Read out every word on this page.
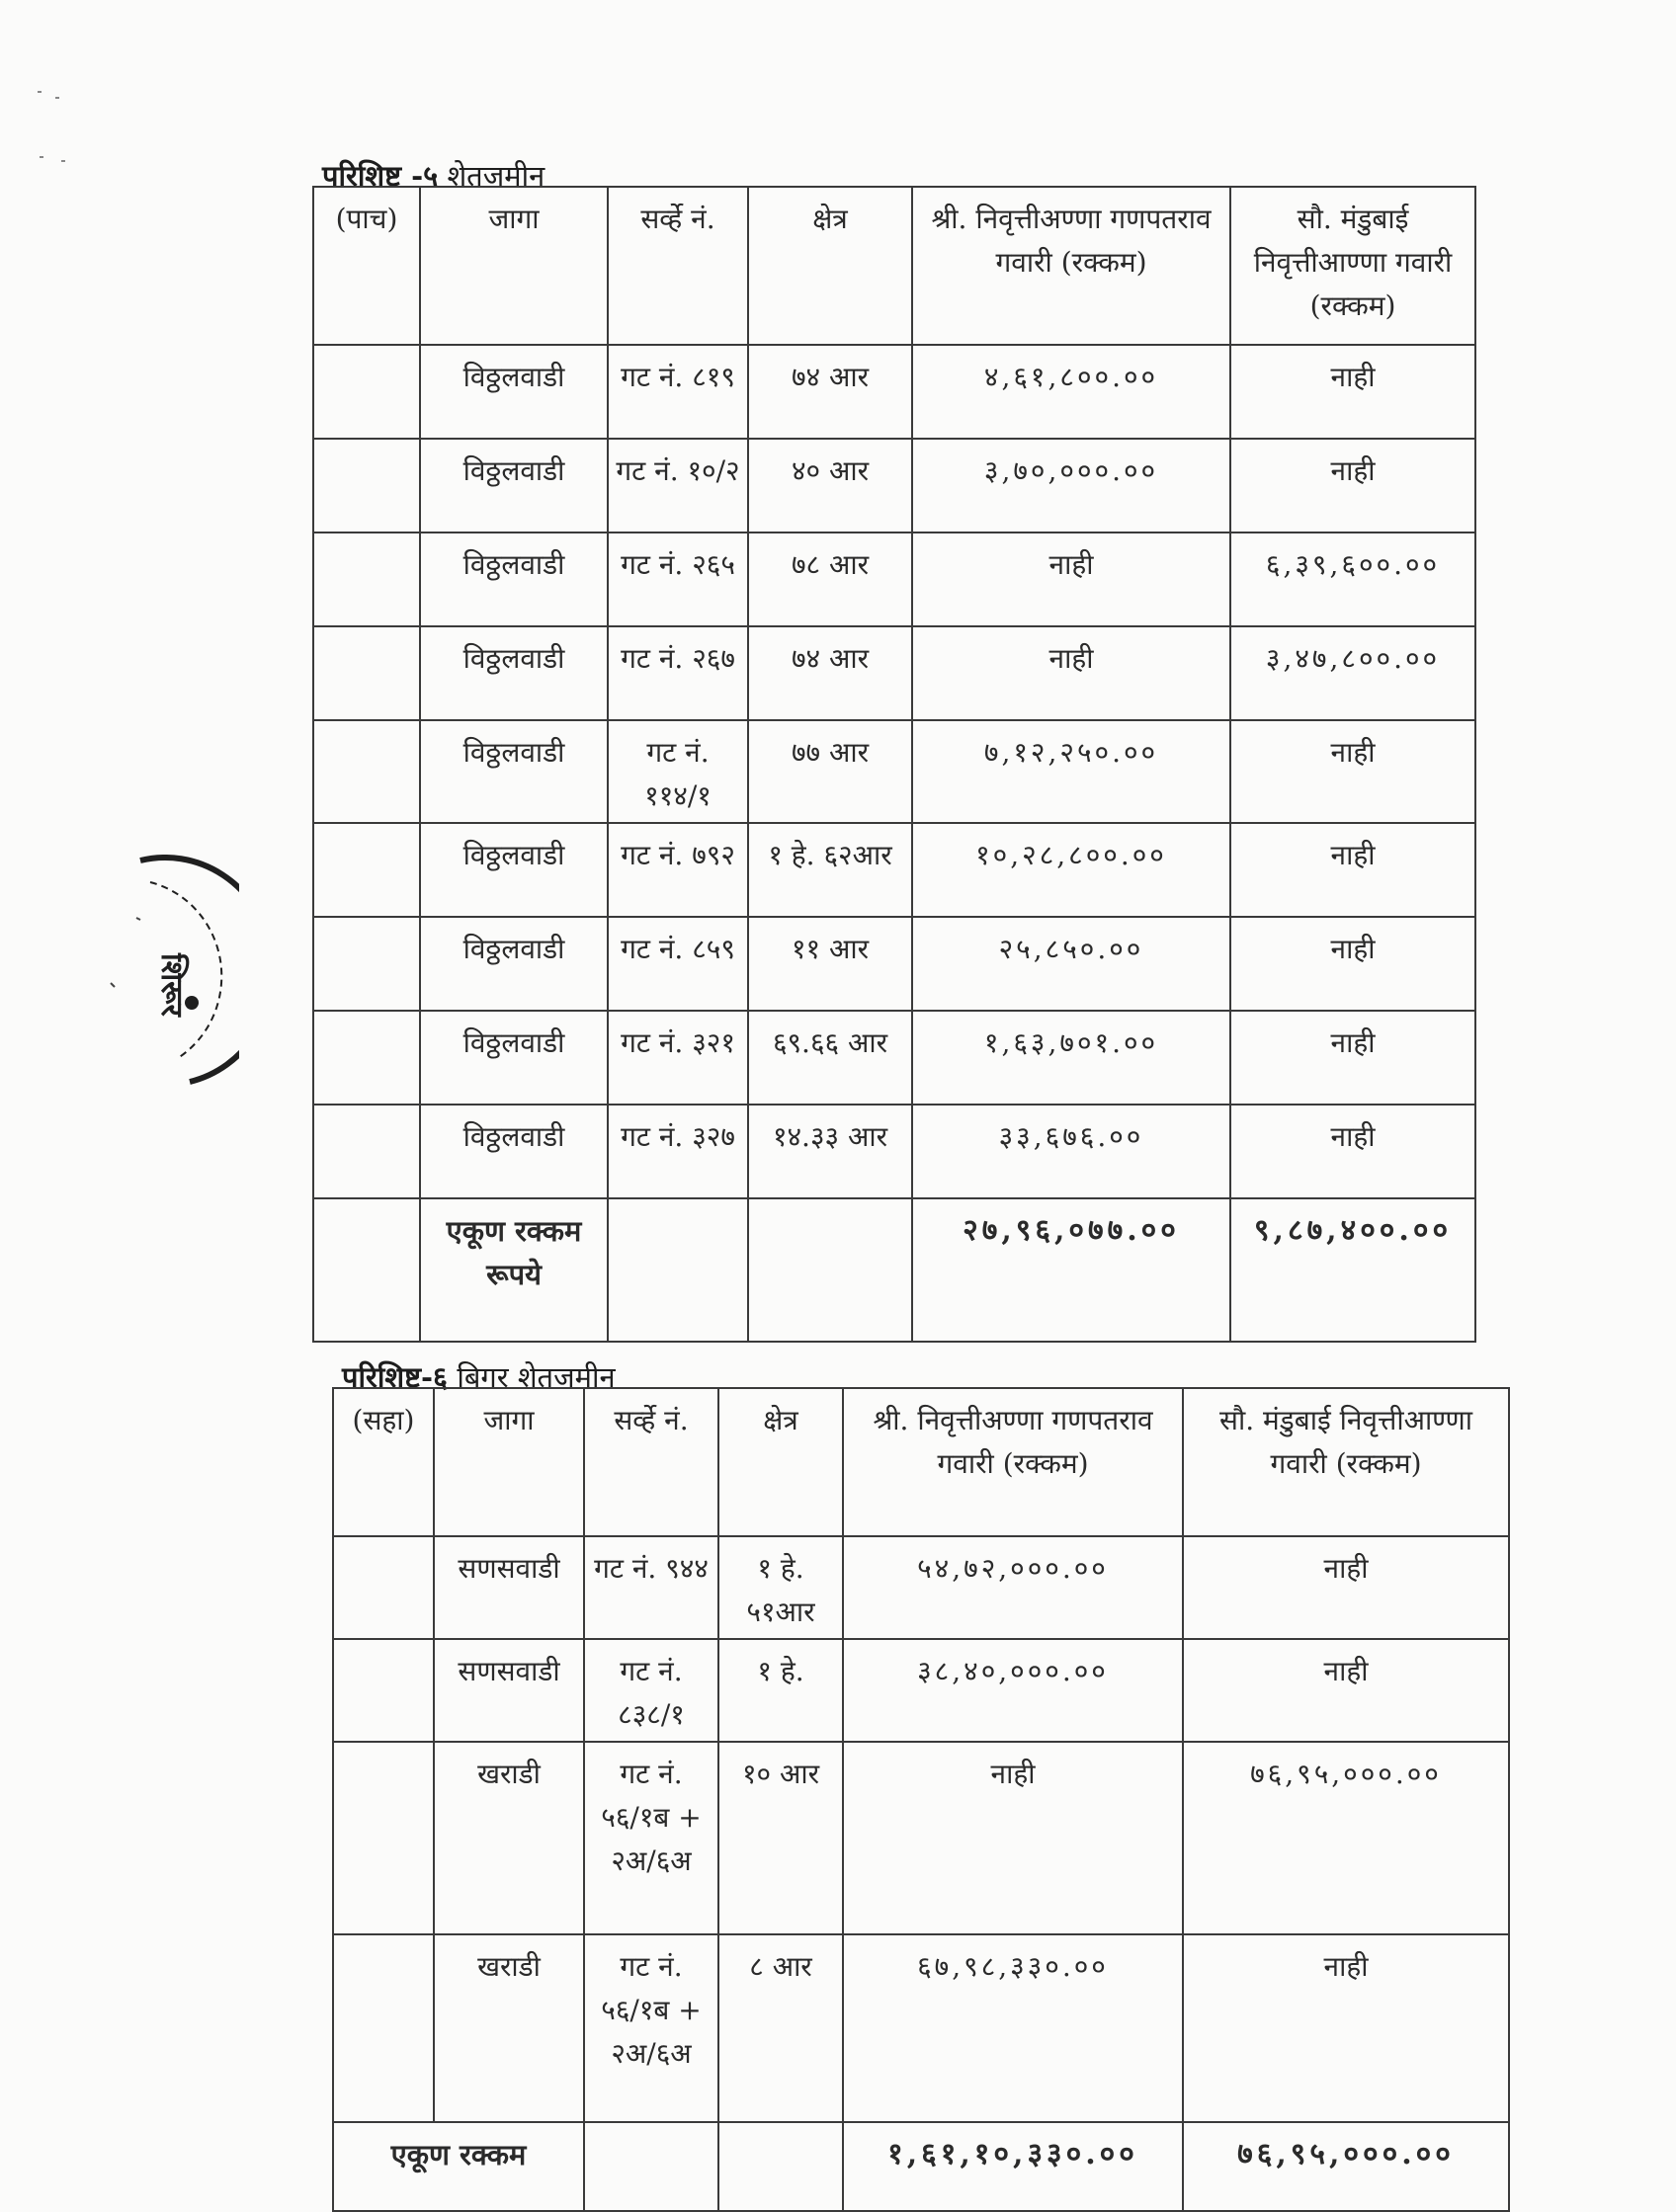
परिशिष्ट -५ शेतजमीन
(पाच)	जागा	सर्व्हे नं.	क्षेत्र	श्री. निवृत्तीअण्णा गणपतराव गवारी (रक्कम)	सौ. मंडुबाई निवृत्तीआण्णा गवारी (रक्कम)
	विठ्ठलवाडी	गट नं. ८१९	७४ आर	४,६१,८००.००	नाही
	विठ्ठलवाडी	गट नं. १०/२	४० आर	३,७०,०००.००	नाही
	विठ्ठलवाडी	गट नं. २६५	७८ आर	नाही	६,३९,६००.००
	विठ्ठलवाडी	गट नं. २६७	७४ आर	नाही	३,४७,८००.००
	विठ्ठलवाडी	गट नं. ११४/१	७७ आर	७,१२,२५०.००	नाही
	विठ्ठलवाडी	गट नं. ७९२	१ हे. ६२आर	१०,२८,८००.००	नाही
	विठ्ठलवाडी	गट नं. ८५९	११ आर	२५,८५०.००	नाही
	विठ्ठलवाडी	गट नं. ३२१	६९.६६ आर	१,६३,७०१.००	नाही
	विठ्ठलवाडी	गट नं. ३२७	१४.३३ आर	३३,६७६.००	नाही
	एकूण रक्कम रूपये			२७,९६,०७७.००	९,८७,४००.००
परिशिष्ट-६ बिगर शेतजमीन
(सहा)	जागा	सर्व्हे नं.	क्षेत्र	श्री. निवृत्तीअण्णा गणपतराव गवारी (रक्कम)	सौ. मंडुबाई निवृत्तीआण्णा गवारी (रक्कम)
	सणसवाडी	गट नं. ९४४	१ हे. ५१आर	५४,७२,०००.००	नाही
	सणसवाडी	गट नं. ८३८/१	१ हे.	३८,४०,०००.००	नाही
	खराडी	गट नं. ५६/१ब + २अ/६अ	१० आर	नाही	७६,९५,०००.००
	खराडी	गट नं. ५६/१ब + २अ/६अ	८ आर	६७,९८,३३०.००	नाही
एकूण रक्कम				१,६१,१०,३३०.००	७६,९५,०००.००
शिरूर
